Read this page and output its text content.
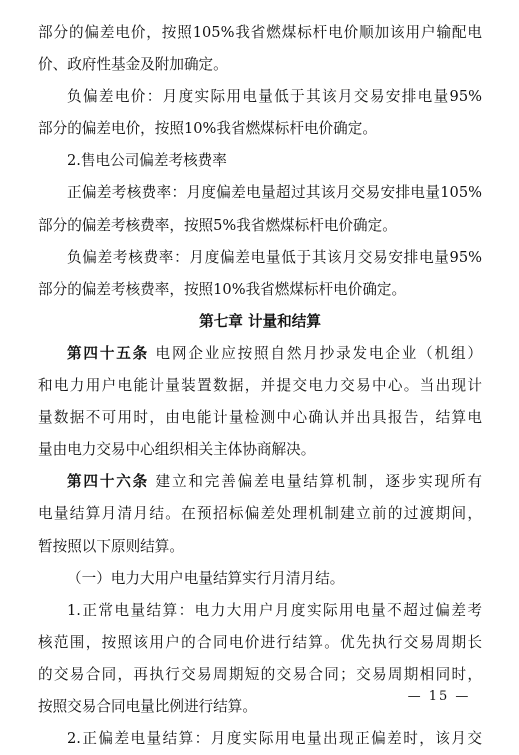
部分的偏差电价，按照105%我省燃煤标杆电价顺加该用户输配电

价、政府性基金及附加确定。

负偏差电价：月度实际用电量低于其该月交易安排电量95%

部分的偏差电价，按照10%我省燃煤标杆电价确定。

2.售电公司偏差考核费率

正偏差考核费率：月度偏差电量超过其该月交易安排电量105%

部分的偏差考核费率，按照5%我省燃煤标杆电价确定。

负偏差考核费率：月度偏差电量低于其该月交易安排电量95%

部分的偏差考核费率，按照10%我省燃煤标杆电价确定。

第七章 计量和结算

第四十五条 电网企业应按照自然月抄录发电企业（机组）

和电力用户电能计量装置数据，并提交电力交易中心。当出现计

量数据不可用时，由电能计量检测中心确认并出具报告，结算电

量由电力交易中心组织相关主体协商解决。

第四十六条 建立和完善偏差电量结算机制，逐步实现所有

电量结算月清月结。在预招标偏差处理机制建立前的过渡期间，

暂按照以下原则结算。

（一）电力大用户电量结算实行月清月结。

1.正常电量结算：电力大用户月度实际用电量不超过偏差考

核范围，按照该用户的合同电价进行结算。优先执行交易周期长

的交易合同，再执行交易周期短的交易合同；交易周期相同时，

按照交易合同电量比例进行结算。

2.正偏差电量结算：月度实际用电量出现正偏差时，该月交

— 15 —
